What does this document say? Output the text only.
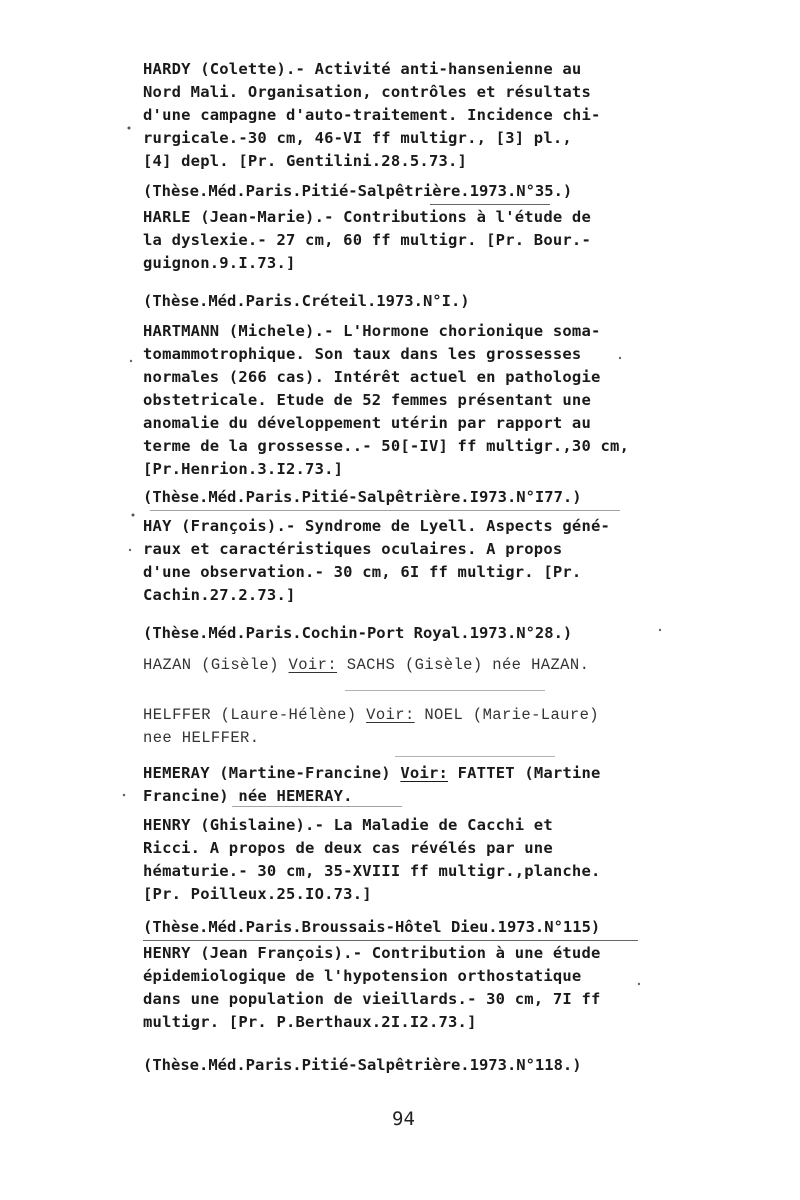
HARDY (Colette).- Activité anti-hansenienne au
Nord Mali. Organisation, contrôles et résultats
d'une campagne d'auto-traitement. Incidence chi-
rurgicale.-30 cm, 46-VI ff multigr., [3] pl.,
[4] depl. [Pr. Gentilini.28.5.73.]
(Thèse.Méd.Paris.Pitié-Salpêtrière.1973.N°35.)
HARLE (Jean-Marie).- Contributions à l'étude de
la dyslexie.- 27 cm, 60 ff multigr. [Pr. Bour.-
guignon.9.I.73.]
(Thèse.Méd.Paris.Créteil.1973.N°I.)
HARTMANN (Michele).- L'Hormone chorionique soma-
tomammotrophique. Son taux dans les grossesses
normales (266 cas). Intérêt actuel en pathologie
obstetricale. Etude de 52 femmes présentant une
anomalie du développement utérin par rapport au
terme de la grossesse..- 50[-IV] ff multigr.,30 cm,
[Pr.Henrion.3.I2.73.]
(Thèse.Méd.Paris.Pitié-Salpêtrière.I973.N°I77.)
HAY (François).- Syndrome de Lyell. Aspects géné-
raux et caractéristiques oculaires. A propos
d'une observation.- 30 cm, 6I ff multigr. [Pr.
Cachin.27.2.73.]
(Thèse.Méd.Paris.Cochin-Port Royal.1973.N°28.)
HAZAN (Gisèle) Voir: SACHS (Gisèle) née HAZAN.
HELFFER (Laure-Hélène) Voir: NOEL (Marie-Laure)
nee HELFFER.
HEMERAY (Martine-Francine) Voir: FATTET (Martine
Francine) née HEMERAY.
HENRY (Ghislaine).- La Maladie de Cacchi et
Ricci. A propos de deux cas révélés par une
hématurie.- 30 cm, 35-XVIII ff multigr.,planche.
[Pr. Poilleux.25.IO.73.]
(Thèse.Méd.Paris.Broussais-Hôtel Dieu.1973.N°115)
HENRY (Jean François).- Contribution à une étude
épidemiologique de l'hypotension orthostatique
dans une population de vieillards.- 30 cm, 7I ff
multigr. [Pr. P.Berthaux.2I.I2.73.]
(Thèse.Méd.Paris.Pitié-Salpêtrière.1973.N°118.)
94
